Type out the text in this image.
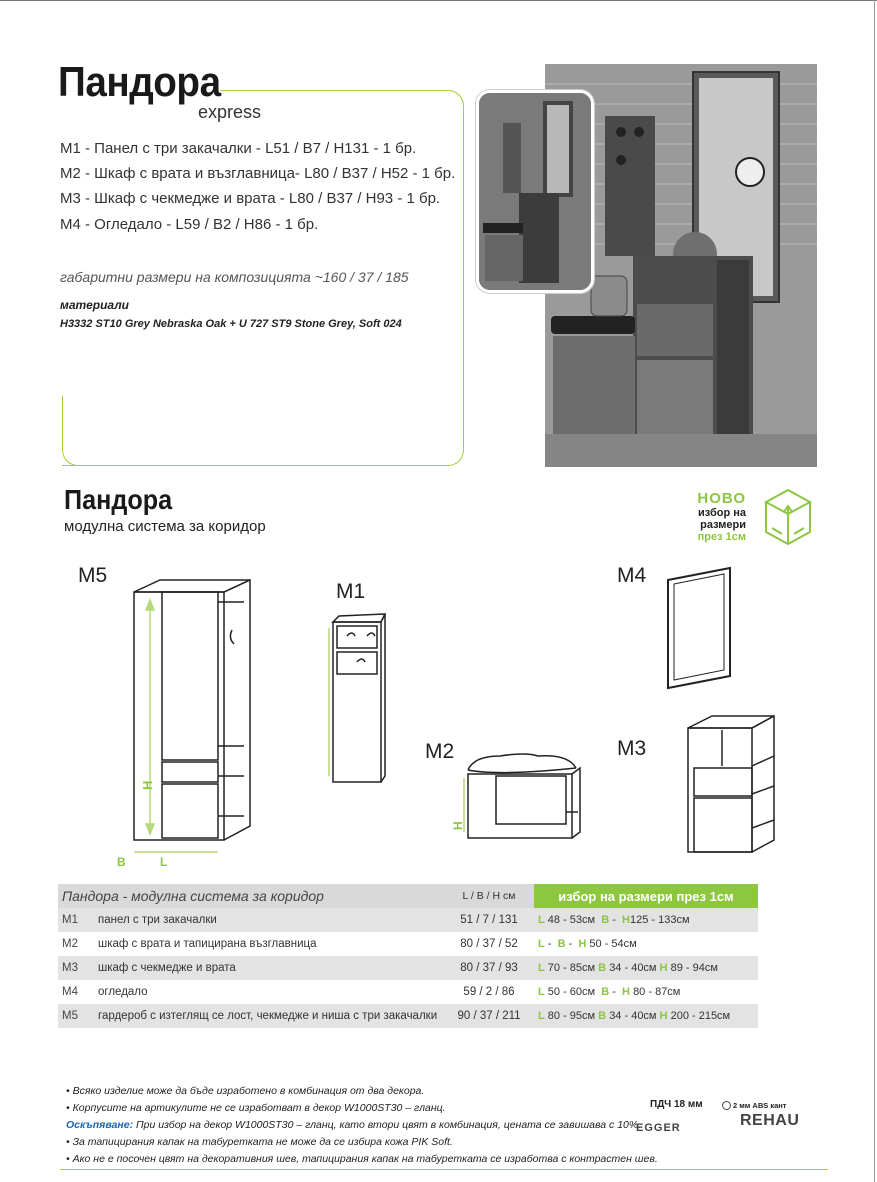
Пандора
express
М1 - Панел с три закачалки - L51 / B7 / H131 - 1 бр.
М2 - Шкаф с врата и възглавница- L80 / B37 / H52 - 1 бр.
М3 - Шкаф с чекмедже и врата - L80 / B37 / H93 - 1 бр.
М4 - Огледало - L59 / B2 / H86 - 1 бр.
габаритни размери на композицията ~160 / 37 / 185
материали
H3332 ST10 Grey Nebraska Oak + U 727 ST9 Stone Grey, Soft 024
Пандора
модулна система за коридор
НОВО
избор на
размери
през 1см
M5
M1
M4
M2	M3
H
B	L
H
Пандора - модулна система за коридор		L / B / H см	избор на размери през 1см
М1	панел с три закачалки	51 / 7 / 131	L 48 - 53см B - H125 - 133см
М2	шкаф с врата и тапицирана възглавница	80 / 37 / 52	L - B - H 50 - 54см
М3	шкаф с чекмедже и врата	80 / 37 / 93	L 70 - 85см B 34 - 40см H 89 - 94см
М4	огледало	59 / 2 / 86	L 50 - 60см B - H 80 - 87см
М5	гардероб с изтеглящ се лост, чекмедже и ниша с три закачалки	90 / 37 / 211	L 80 - 95см B 34 - 40см H 200 - 215см
• Всяко изделие може да бъде изработено в комбинация от два декора.
• Корпусите на артикулите не се изработват в декор W1000ST30 – гланц.
Оскъпяване: При избор на декор W1000ST30 – гланц, като втори цвят в комбинация, цената се завишава с 10%.
• За тапицирания капак на табуретката не може да се избира кожа PIK Soft.
• Ако не е посочен цвят на декоративния шев, тапицирания капак на табуретката се изработва с контрастен шев.
ПДЧ 18 мм
EGGER
2 мм ABS кант
REHAU
